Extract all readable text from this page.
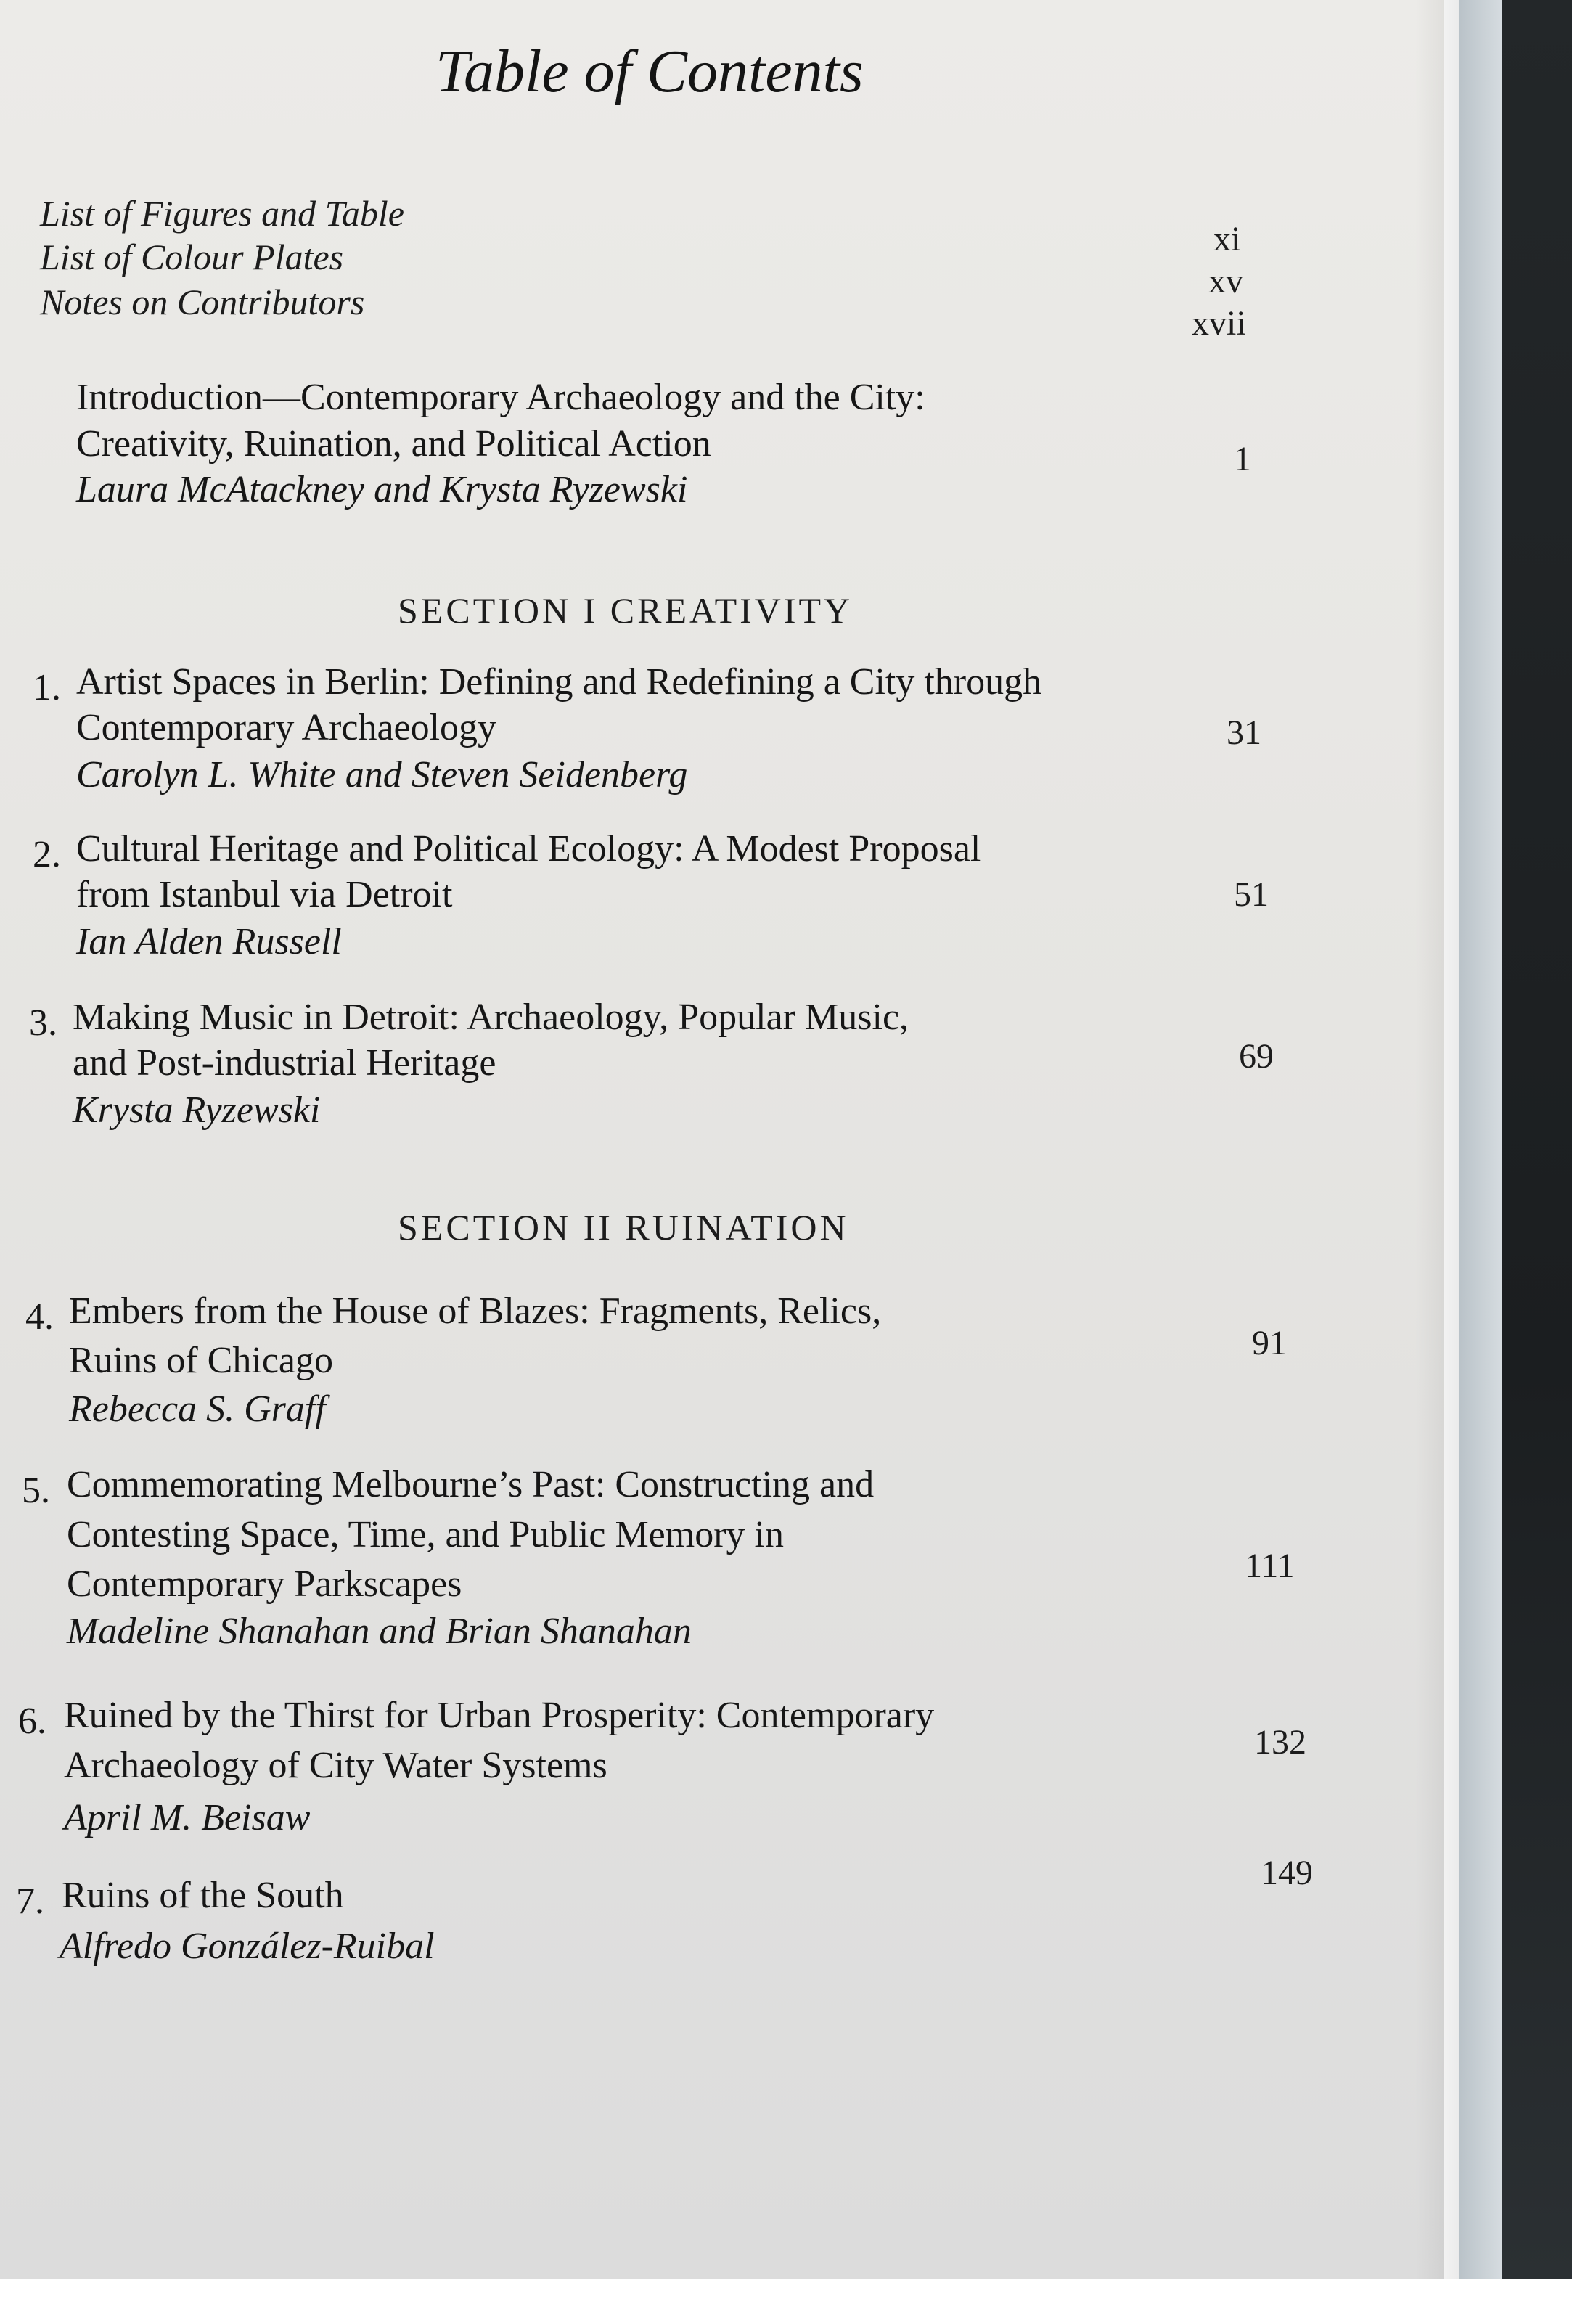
Table of Contents
List of Figures and Table
List of Colour Plates
Notes on Contributors
xi
xv
xvii
Introduction—Contemporary Archaeology and the City:
Creativity, Ruination, and Political Action
Laura McAtackney and Krysta Ryzewski
1
SECTION I CREATIVITY
1. Artist Spaces in Berlin: Defining and Redefining a City through
Contemporary Archaeology
Carolyn L. White and Steven Seidenberg
31
2. Cultural Heritage and Political Ecology: A Modest Proposal
from Istanbul via Detroit
Ian Alden Russell
51
3. Making Music in Detroit: Archaeology, Popular Music,
and Post-industrial Heritage
Krysta Ryzewski
69
SECTION II RUINATION
4. Embers from the House of Blazes: Fragments, Relics,
Ruins of Chicago
Rebecca S. Graff
91
5. Commemorating Melbourne’s Past: Constructing and
Contesting Space, Time, and Public Memory in
Contemporary Parkscapes
Madeline Shanahan and Brian Shanahan
111
6. Ruined by the Thirst for Urban Prosperity: Contemporary
Archaeology of City Water Systems
April M. Beisaw
132
7. Ruins of the South
Alfredo González-Ruibal
149
